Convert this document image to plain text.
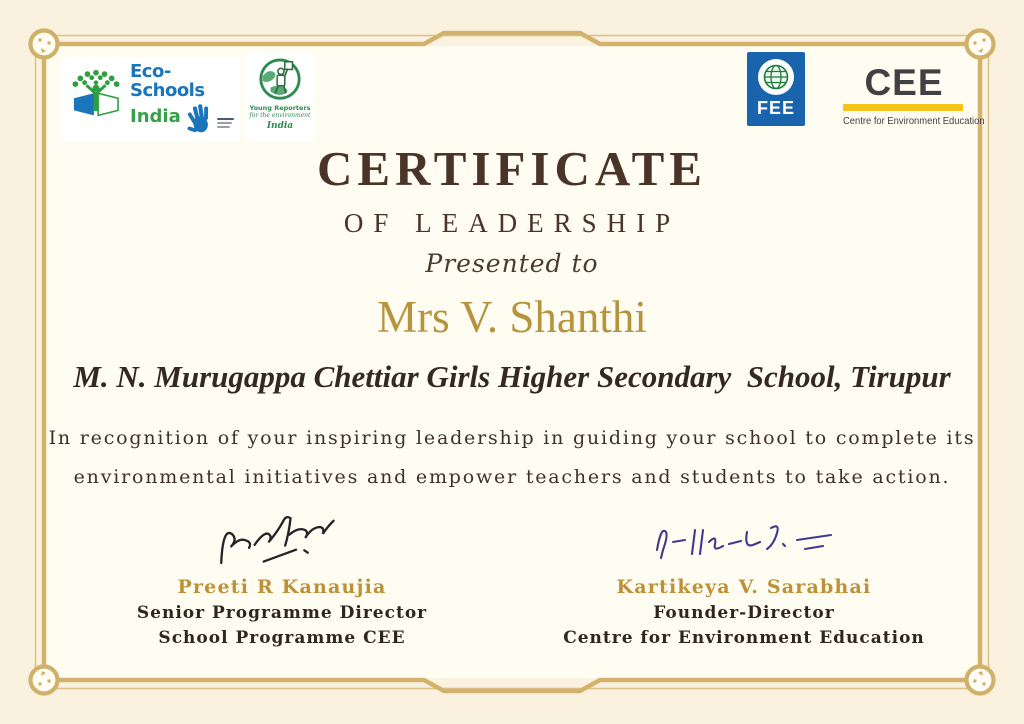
Eco-Schools
India	Young Reporters
for the environment
India
FEE
CEE
Centre for Environment Education
CERTIFICATE
OF LEADERSHIP
Presented to
Mrs V. Shanthi
M. N. Murugappa Chettiar Girls Higher Secondary  School, Tirupur
In recognition of your inspiring leadership in guiding your school to complete its
environmental initiatives and empower teachers and students to take action.
Preeti R Kanaujia
Senior Programme Director
School Programme CEE
Kartikeya V. Sarabhai
Founder-Director
Centre for Environment Education
